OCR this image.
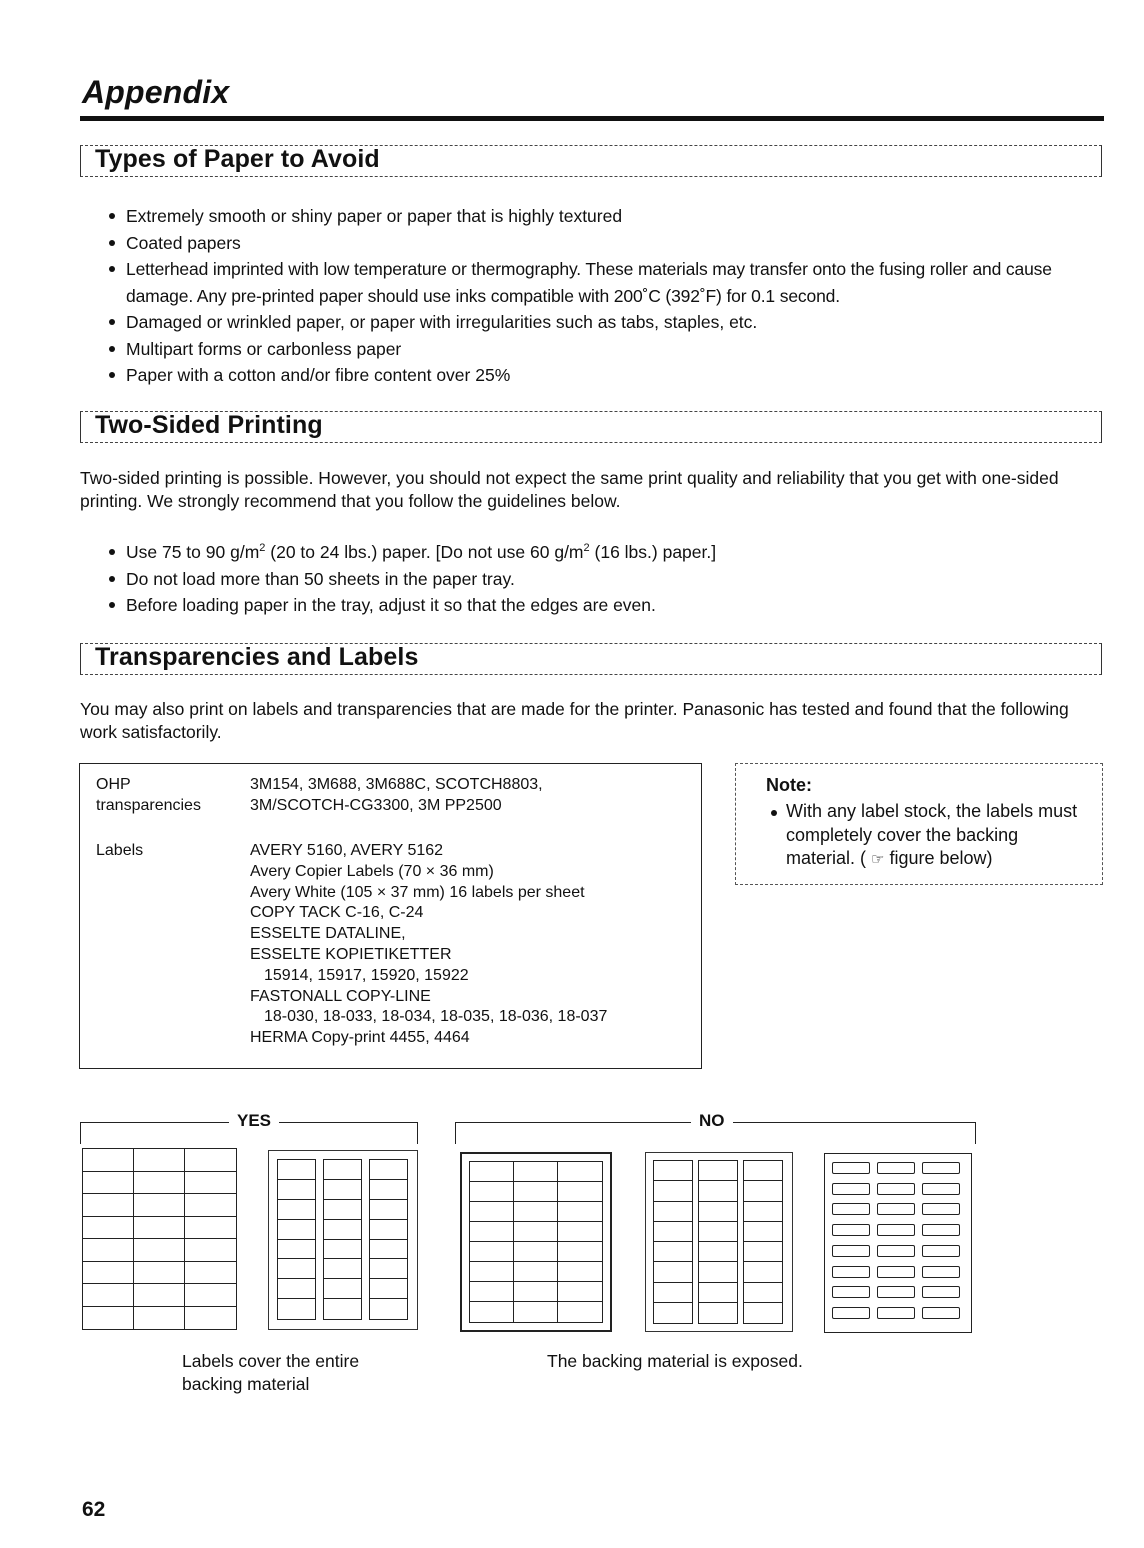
Appendix
Types of Paper to Avoid
Extremely smooth or shiny paper or paper that is highly textured
Coated papers
Letterhead imprinted with low temperature or thermography. These materials may transfer onto the fusing roller and cause damage. Any pre-printed paper should use inks compatible with 200˚C (392˚F) for 0.1 second.
Damaged or wrinkled paper, or paper with irregularities such as tabs, staples, etc.
Multipart forms or carbonless paper
Paper with a cotton and/or fibre content over 25%
Two-Sided Printing
Two-sided printing is possible. However, you should not expect the same print quality and reliability that you get with one-sided printing. We strongly recommend that you follow the guidelines below.
Use 75 to 90 $g/m^2$ (20 to 24 lbs.) paper. [Do not use 60 $g/m^2$ (16 lbs.) paper.]
Do not load more than 50 sheets in the paper tray.
Before loading paper in the tray, adjust it so that the edges are even.
Transparencies and Labels
You may also print on labels and transparencies that are made for the printer. Panasonic has tested and found that the following work satisfactorily.
OHP
transparencies
3M154, 3M688, 3M688C, SCOTCH8803,
3M/SCOTCH-CG3300, 3M PP2500
Labels	AVERY 5160, AVERY 5162
Avery Copier Labels (70 × 36 mm)
Avery White (105 × 37 mm) 16 labels per sheet
COPY TACK C-16, C-24
ESSELTE DATALINE,
ESSELTE KOPIETIKETTER
15914, 15917, 15920, 15922
FASTONALL COPY-LINE
18-030, 18-033, 18-034, 18-035, 18-036, 18-037
HERMA Copy-print 4455, 4464
Note:
With any label stock, the labels must completely cover the backing material. ( ☞ figure below)
YES
Labels cover the entire backing material
NO
The backing material is exposed.
62
